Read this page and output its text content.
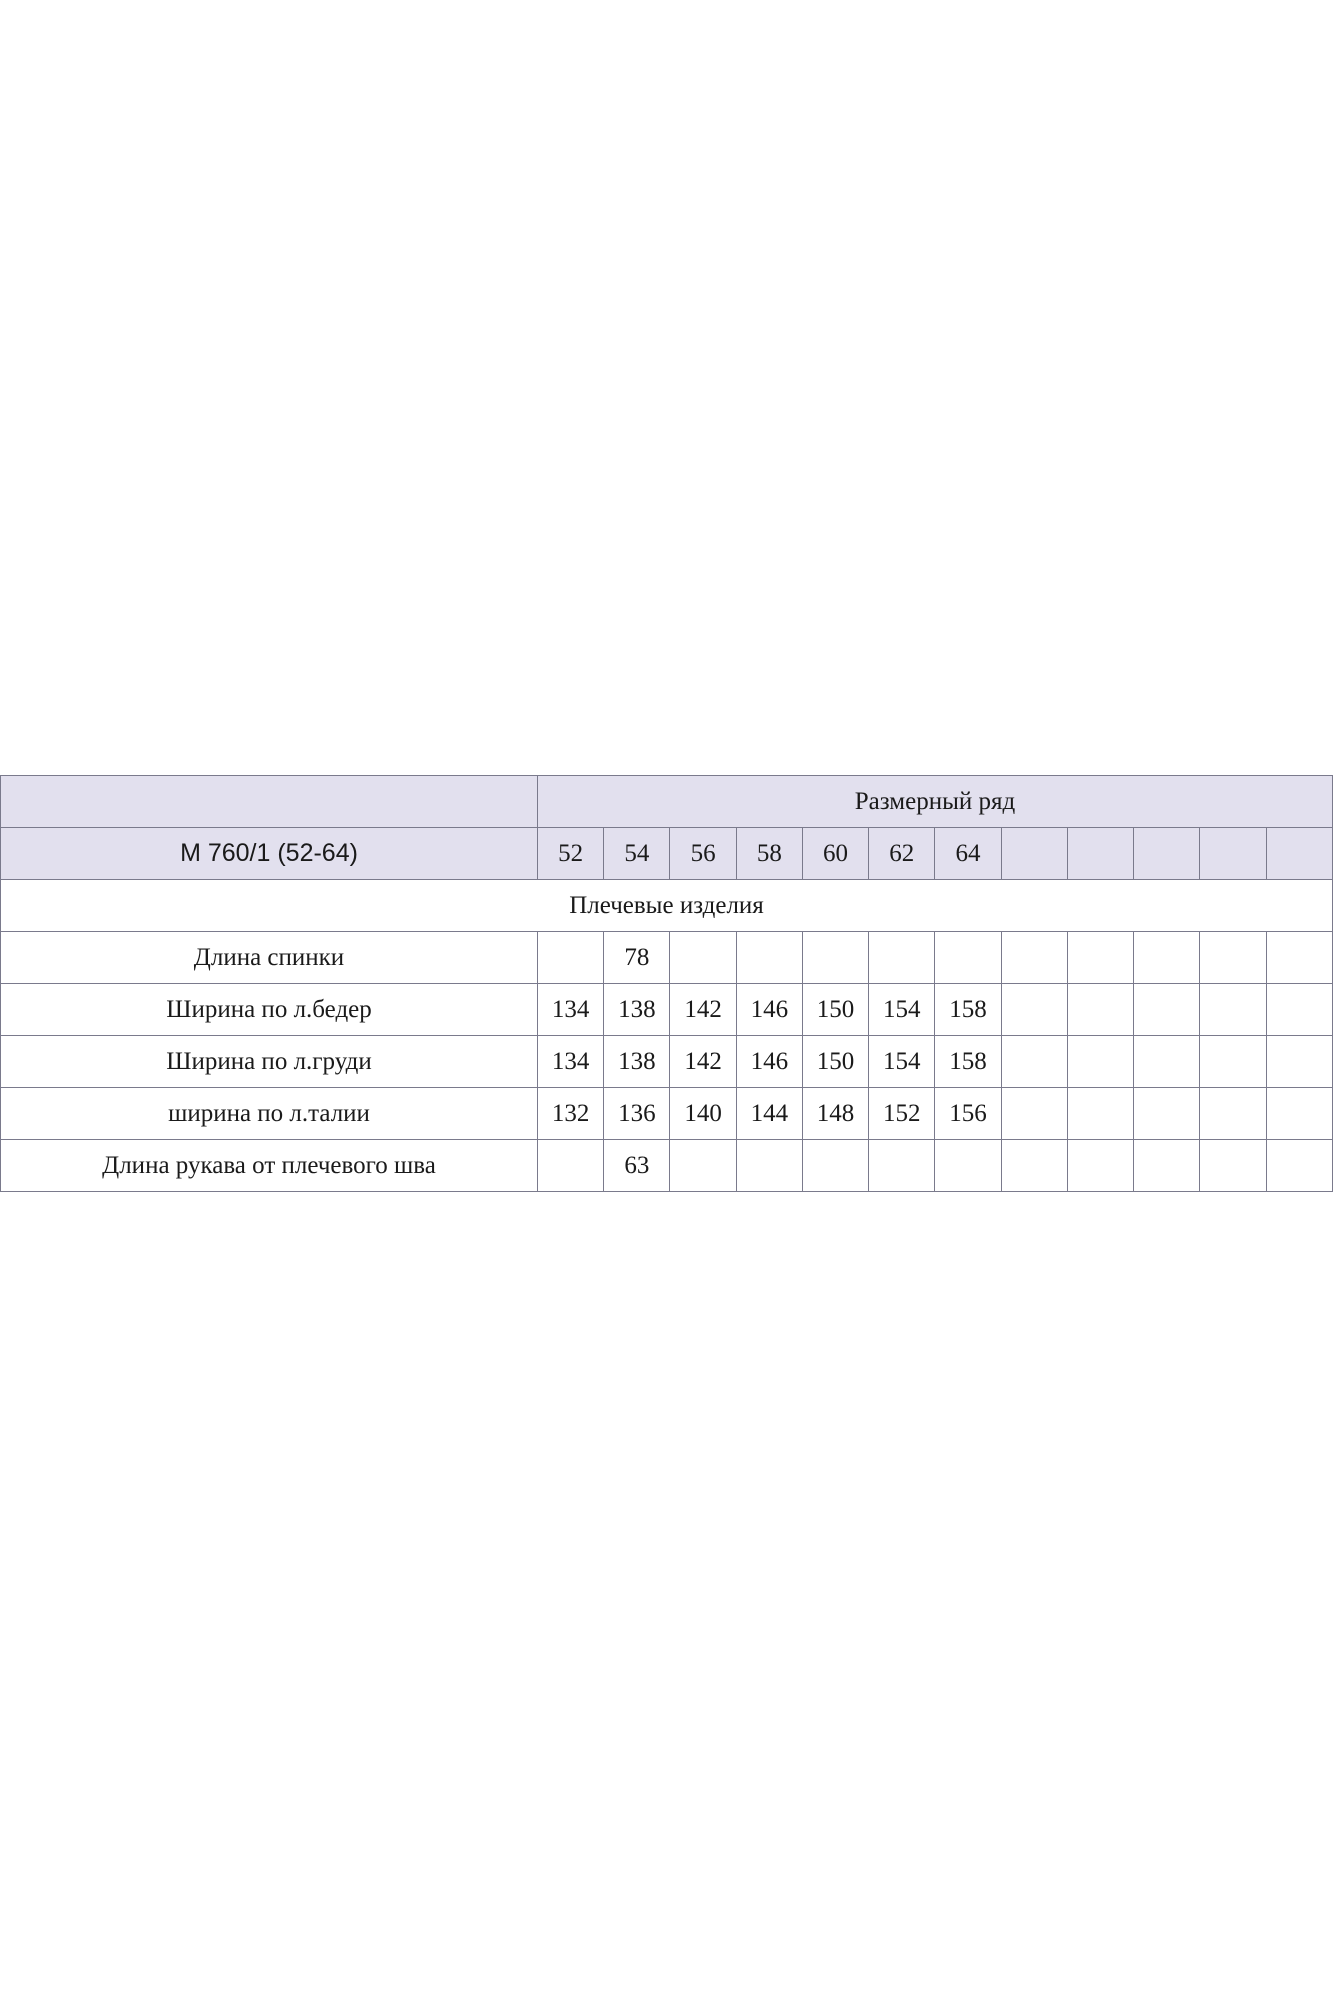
	Размерный ряд											
М 760/1 (52-64)	52	54	56	58	60	62	64					
Плечевые изделия												
Длина спинки		78										
Ширина по л.бедер	134	138	142	146	150	154	158					
Ширина по л.груди	134	138	142	146	150	154	158					
ширина по л.талии	132	136	140	144	148	152	156					
Длина рукава от плечевого шва		63										
